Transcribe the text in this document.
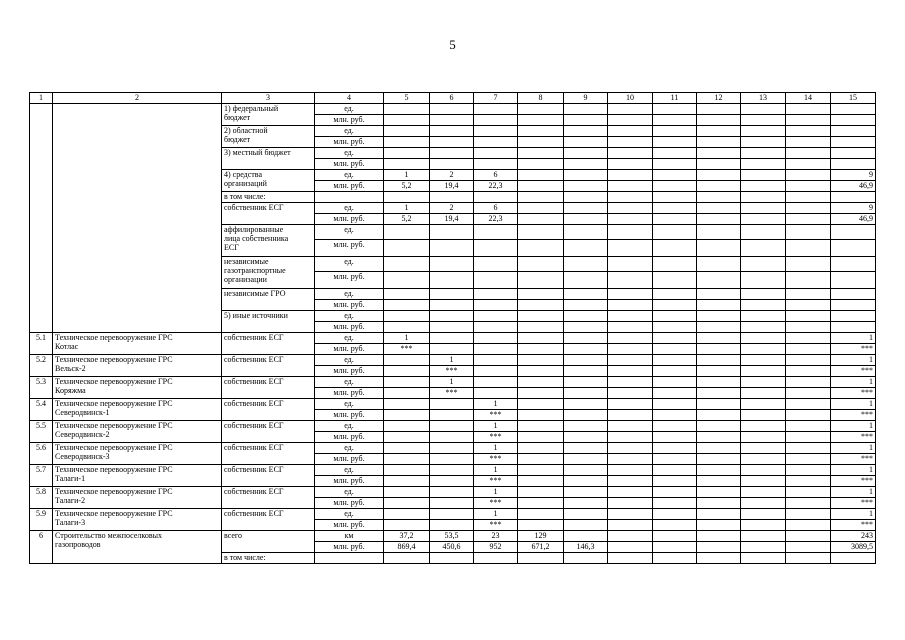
5
1	2	3	4	5	6	7	8	9	10	11	12	13	14	15

		1) федеральный
бюджет	ед.											
			млн. руб.											

		2) областной
бюджет	ед.											
			млн. руб.											

		3) местный бюджет	ед.											
			млн. руб.											

		4) средства
организаций	ед.	1	2	6								9
			млн. руб.	5,2	19,4	22,3								46,9
		в том числе:												

		собственник ЕСГ	ед.	1	2	6								9
			млн. руб.	5,2	19,4	22,3								46,9

		аффилированные
лица собственника
ЕСГ	ед.											
			млн. руб.											

		независимые
газотранспортные
организации	ед.											
			млн. руб.											

		независимые ГРО	ед.											
			млн. руб.											

		5) иные источники	ед.											
			млн. руб.											
5.1	Техническое перевооружение ГРС
Котлас	собственник ЕСГ	ед.	1										1
			млн. руб.	***										***
5.2	Техническое перевооружение ГРС
Вельск-2	собственник ЕСГ	ед.		1									1
			млн. руб.		***									***
5.3	Техническое перевооружение ГРС
Коряжма	собственник ЕСГ	ед.		1									1
			млн. руб.		***									***
5.4	Техническое перевооружение ГРС
Северодвинск-1	собственник ЕСГ	ед.			1								1
			млн. руб.			***								***
5.5	Техническое перевооружение ГРС
Северодвинск-2	собственник ЕСГ	ед.			1								1
			млн. руб.			***								***
5.6	Техническое перевооружение ГРС
Северодвинск-3	собственник ЕСГ	ед.			1								1
			млн. руб.			***								***
5.7	Техническое перевооружение ГРС
Талаги-1	собственник ЕСГ	ед.			1								1
			млн. руб.			***								***
5.8	Техническое перевооружение ГРС
Талаги-2	собственник ЕСГ	ед.			1								1
			млн. руб.			***								***
5.9	Техническое перевооружение ГРС
Талаги-3	собственник ЕСГ	ед.			1								1
			млн. руб.			***								***
6	Строительство межпоселковых
газопроводов	всего	км	37,2	53,5	23	129							243
			млн. руб.	869,4	450,6	952	671,2	146,3						3089,5
		в том числе:												
